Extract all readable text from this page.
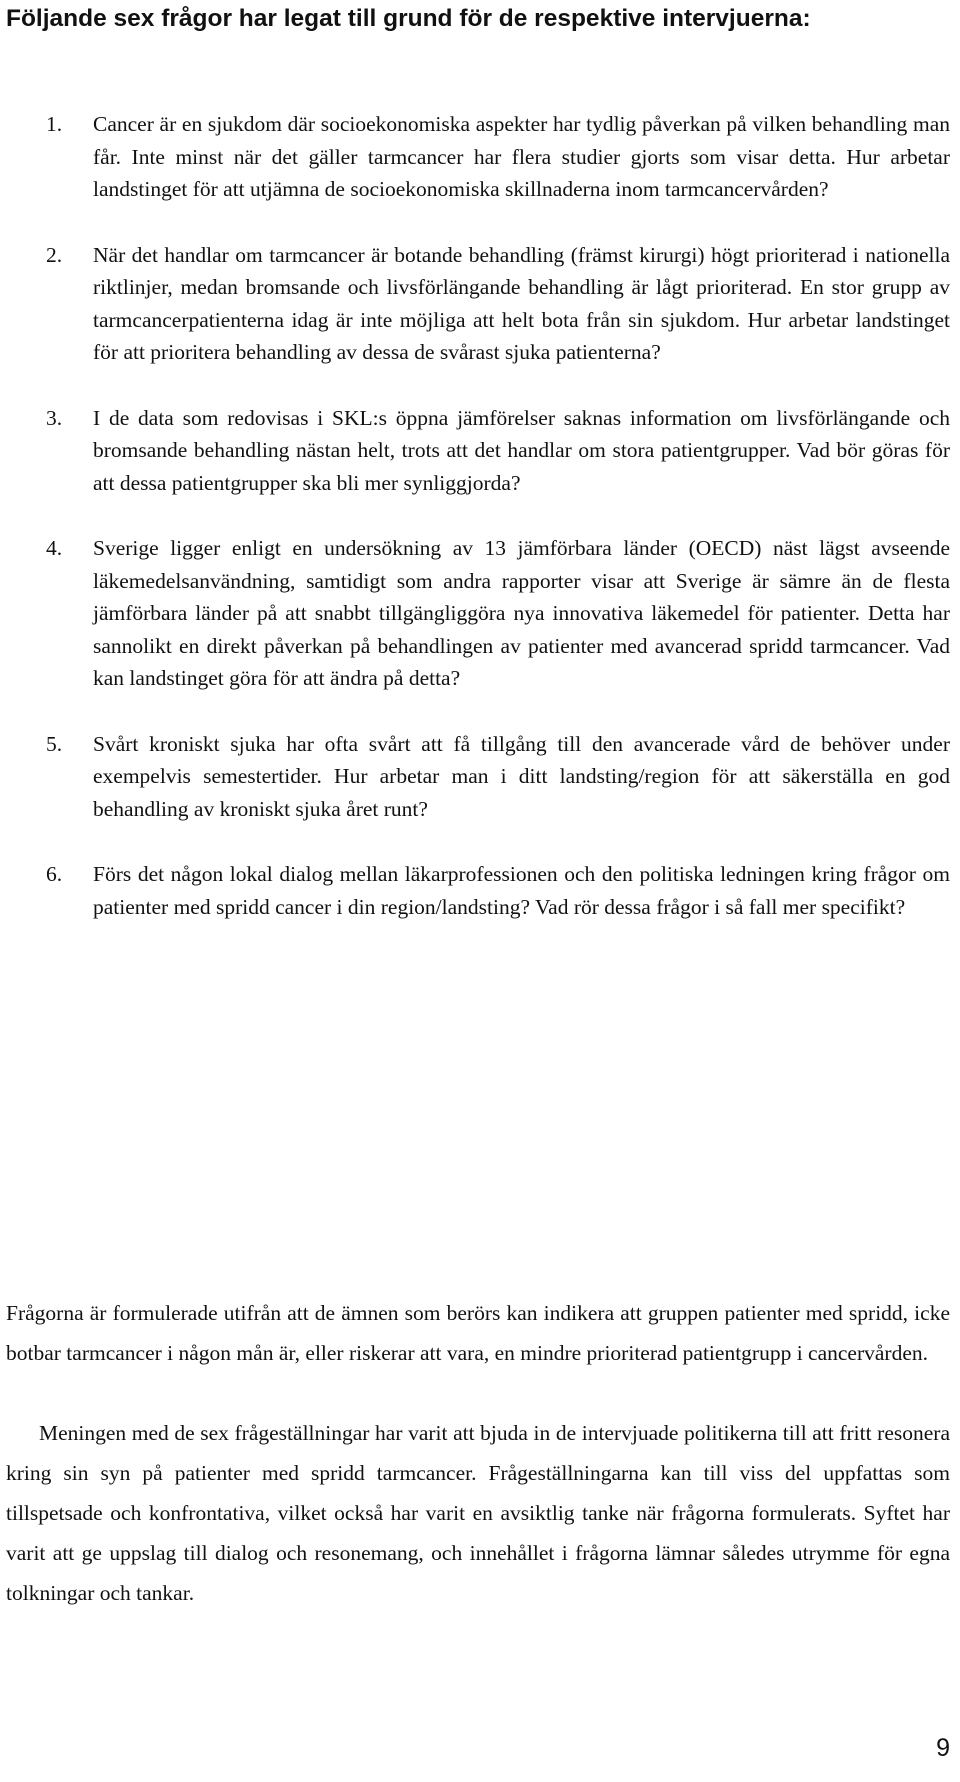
Följande sex frågor har legat till grund för de respektive intervjuerna:
1. Cancer är en sjukdom där socioekonomiska aspekter har tydlig påverkan på vilken behandling man får. Inte minst när det gäller tarmcancer har flera studier gjorts som visar detta. Hur arbetar landstinget för att utjämna de socioekonomiska skillnaderna inom tarmcancervården?
2. När det handlar om tarmcancer är botande behandling (främst kirurgi) högt prioriterad i nationella riktlinjer, medan bromsande och livsförlängande behandling är lågt prioriterad. En stor grupp av tarmcancerpatienterna idag är inte möjliga att helt bota från sin sjukdom. Hur arbetar landstinget för att prioritera behandling av dessa de svårast sjuka patienterna?
3. I de data som redovisas i SKL:s öppna jämförelser saknas information om livsförlängande och bromsande behandling nästan helt, trots att det handlar om stora patientgrupper. Vad bör göras för att dessa patientgrupper ska bli mer synliggjorda?
4. Sverige ligger enligt en undersökning av 13 jämförbara länder (OECD) näst lägst avseende läkemedelsanvändning, samtidigt som andra rapporter visar att Sverige är sämre än de flesta jämförbara länder på att snabbt tillgängliggöra nya innovativa läkemedel för patienter. Detta har sannolikt en direkt påverkan på behandlingen av patienter med avancerad spridd tarmcancer. Vad kan landstinget göra för att ändra på detta?
5. Svårt kroniskt sjuka har ofta svårt att få tillgång till den avancerade vård de behöver under exempelvis semestertider. Hur arbetar man i ditt landsting/region för att säkerställa en god behandling av kroniskt sjuka året runt?
6. Förs det någon lokal dialog mellan läkarprofessionen och den politiska ledningen kring frågor om patienter med spridd cancer i din region/landsting? Vad rör dessa frågor i så fall mer specifikt?

Frågorna är formulerade utifrån att de ämnen som berörs kan indikera att gruppen patienter med spridd, icke botbar tarmcancer i någon mån är, eller riskerar att vara, en mindre prioriterad patientgrupp i cancervården.

Meningen med de sex frågeställningar har varit att bjuda in de intervjuade politikerna till att fritt resonera kring sin syn på patienter med spridd tarmcancer. Frågeställningarna kan till viss del uppfattas som tillspetsade och konfrontativa, vilket också har varit en avsiktlig tanke när frågorna formulerats. Syftet har varit att ge uppslag till dialog och resonemang, och innehållet i frågorna lämnar således utrymme för egna tolkningar och tankar.

9
